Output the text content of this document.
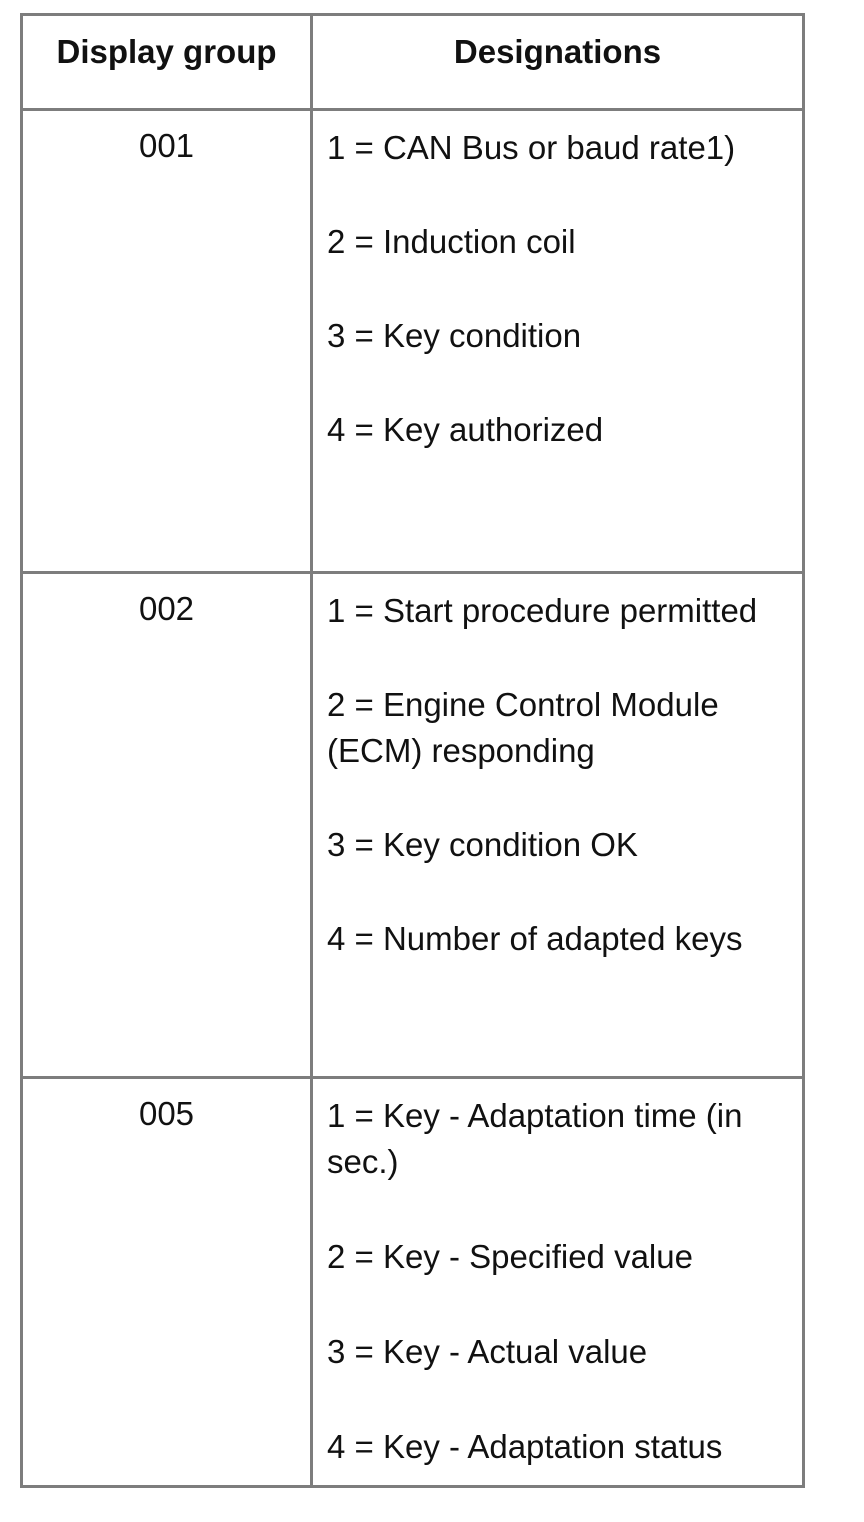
Display group	Designations
001	1 = CAN Bus or baud rate1)

2 = Induction coil

3 = Key condition

4 = Key authorized

002	1 = Start procedure permitted

2 = Engine Control Module (ECM) responding

3 = Key condition OK

4 = Number of adapted keys

005	1 = Key - Adaptation time (in sec.)

2 = Key - Specified value

3 = Key - Actual value

4 = Key - Adaptation status
